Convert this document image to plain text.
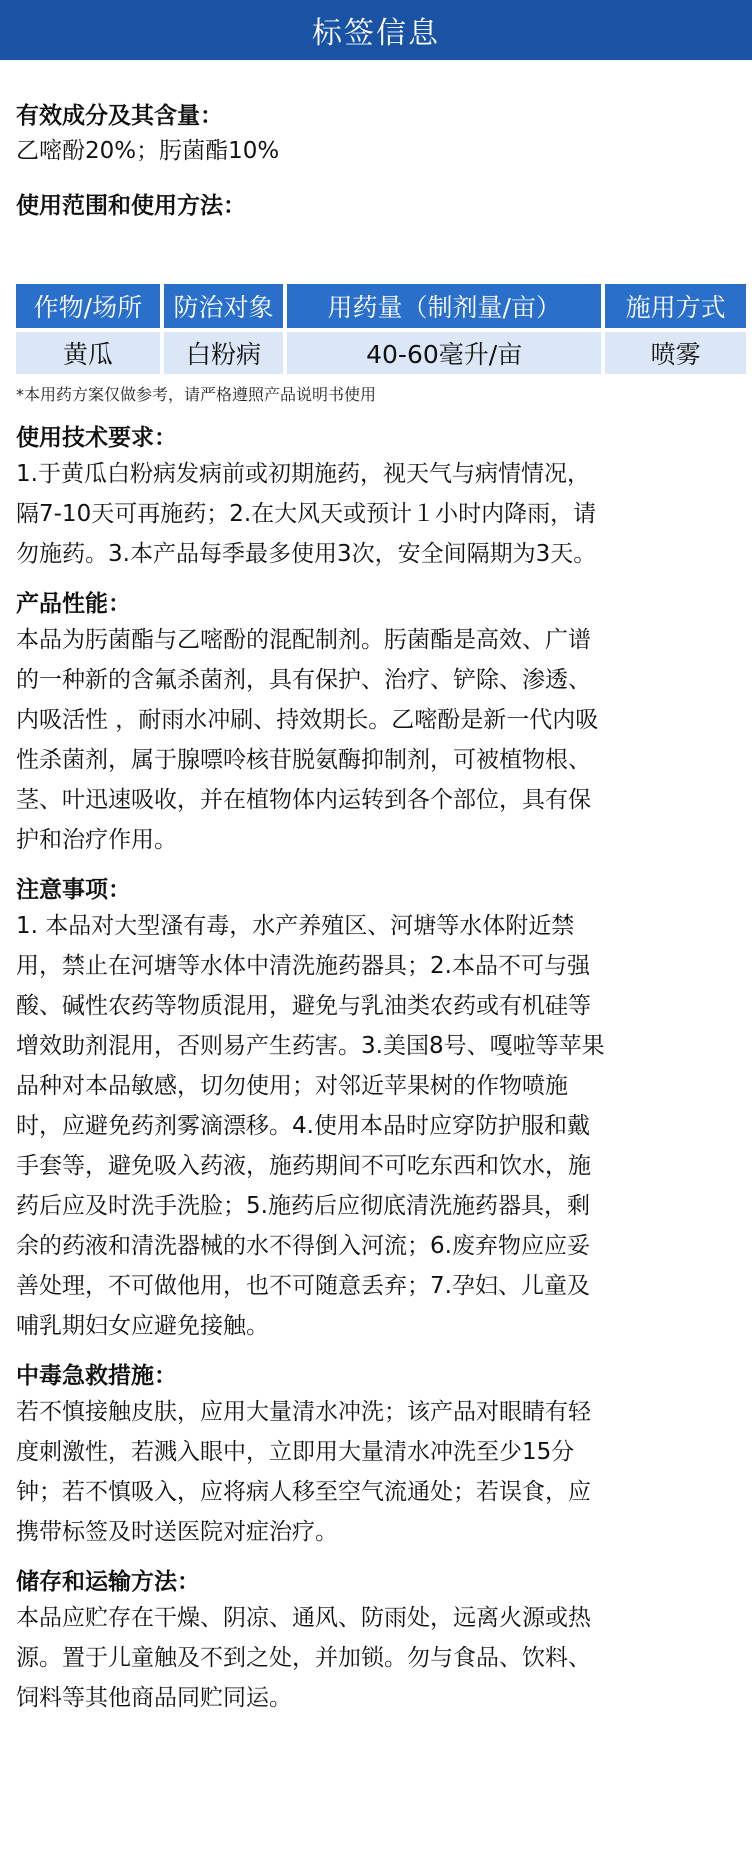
标签信息
有效成分及其含量：

乙嘧酚20%；肟菌酯10%

使用范围和使用方法：
作物/场所	防治对象	用药量（制剂量/亩）	施用方式
黄瓜	白粉病	40-60毫升/亩	喷雾

*本用药方案仅做参考，请严格遵照产品说明书使用

使用技术要求：

1.于黄瓜白粉病发病前或初期施药，视天气与病情情况，

隔7-10天可再施药；2.在大风天或预计１小时内降雨，请

勿施药。3.本产品每季最多使用3次，安全间隔期为3天。

产品性能：

本品为肟菌酯与乙嘧酚的混配制剂。肟菌酯是高效、广谱

的一种新的含氟杀菌剂，具有保护、治疗、铲除、渗透、

内吸活性 ，耐雨水冲刷、持效期长。乙嘧酚是新一代内吸

性杀菌剂，属于腺嘌呤核苷脱氨酶抑制剂，可被植物根、

茎、叶迅速吸收，并在植物体内运转到各个部位，具有保

护和治疗作用。

注意事项：

1. 本品对大型溞有毒，水产养殖区、河塘等水体附近禁

用，禁止在河塘等水体中清洗施药器具；2.本品不可与强

酸、碱性农药等物质混用，避免与乳油类农药或有机硅等

增效助剂混用，否则易产生药害。3.美国8号、嘎啦等苹果

品种对本品敏感，切勿使用；对邻近苹果树的作物喷施

时，应避免药剂雾滴漂移。4.使用本品时应穿防护服和戴

手套等，避免吸入药液，施药期间不可吃东西和饮水，施

药后应及时洗手洗脸；5.施药后应彻底清洗施药器具，剩

余的药液和清洗器械的水不得倒入河流；6.废弃物应应妥

善处理，不可做他用，也不可随意丢弃；7.孕妇、儿童及

哺乳期妇女应避免接触。

中毒急救措施：

若不慎接触皮肤，应用大量清水冲洗；该产品对眼睛有轻

度刺激性，若溅入眼中，立即用大量清水冲洗至少15分

钟；若不慎吸入，应将病人移至空气流通处；若误食，应

携带标签及时送医院对症治疗。

储存和运输方法：

本品应贮存在干燥、阴凉、通风、防雨处，远离火源或热

源。置于儿童触及不到之处，并加锁。勿与食品、饮料、

饲料等其他商品同贮同运。
